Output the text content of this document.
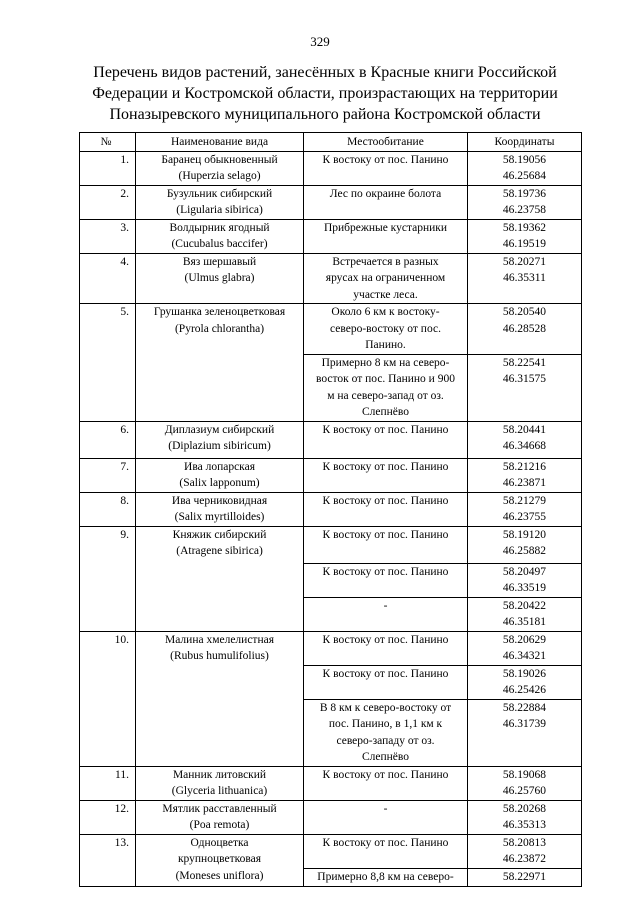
329
Перечень видов растений, занесённых в Красные книги Российской
Федерации и Костромской области, произрастающих на территории
Поназыревского муниципального района Костромской области
№	Наименование вида	Местообитание	Координаты
1.	Баранец обыкновенный
(Huperzia selago)	К востоку от пос. Панино	58.19056
46.25684

2.	Бузульник сибирский
(Ligularia sibirica)	Лес по окраине болота	58.19736
46.23758

3.	Волдырник ягодный
(Cucubalus baccifer)	Прибрежные кустарники	58.19362
46.19519

4.	Вяз шершавый
(Ulmus glabra)	Встречается в разных
ярусах на ограниченном
участке леса.	58.20271
46.35311

5.	Грушанка зеленоцветковая
(Pyrola chlorantha)	Около 6 км к востоку-
северо-востоку от пос.
Панино.	58.20540
46.28528

		Примерно 8 км на северо-
восток от пос. Панино и 900
м на северо-запад от оз.
Слепнёво	58.22541
46.31575

6.	Диплазиум сибирский
(Diplazium sibiricum)	К востоку от пос. Панино	58.20441
46.34668

7.	Ива лопарская
(Salix lapponum)	К востоку от пос. Панино	58.21216
46.23871

8.	Ива черниковидная
(Salix myrtilloides)	К востоку от пос. Панино	58.21279
46.23755

9.	Княжик сибирский
(Atragene sibirica)	К востоку от пос. Панино	58.19120
46.25882

		К востоку от пос. Панино	58.20497
46.33519

		-	58.20422
46.35181

10.	Малина хмелелистная
(Rubus humulifolius)	К востоку от пос. Панино	58.20629
46.34321

		К востоку от пос. Панино	58.19026
46.25426

		В 8 км к северо-востоку от
пос. Панино, в 1,1 км к
северо-западу от оз.
Слепнёво	58.22884
46.31739

11.	Манник литовский
(Glyceria lithuanica)	К востоку от пос. Панино	58.19068
46.25760

12.	Мятлик расставленный
(Poa remota)	-	58.20268
46.35313

13.	Одноцветка
крупноцветковая
(Moneses uniflora)	К востоку от пос. Панино	58.20813
46.23872

		Примерно 8,8 км на северо-	58.22971
